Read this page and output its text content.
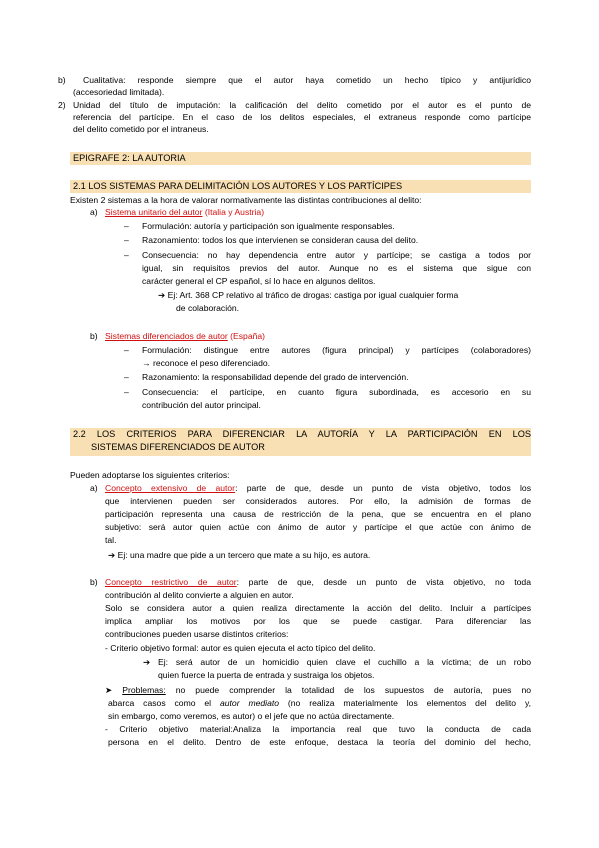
b) Cualitativa: responde siempre que el autor haya cometido un hecho típico y antijurídico
(accesoriedad limitada).
2) Unidad del título de imputación: la calificación del delito cometido por el autor es el punto de
referencia del partícipe. En el caso de los delitos especiales, el extraneus responde como partícipe
del delito cometido por el intraneus.
EPIGRAFE 2: LA AUTORIA
2.1 LOS SISTEMAS PARA DELIMITACIÓN LOS AUTORES Y LOS PARTÍCIPES
Existen 2 sistemas a la hora de valorar normativamente las distintas contribuciones al delito:
a) Sistema unitario del autor (Italia y Austria)
– Formulación: autoría y participación son igualmente responsables.
– Razonamiento: todos los que intervienen se consideran causa del delito.
– Consecuencia: no hay dependencia entre autor y partícipe; se castiga a todos por
igual, sin requisitos previos del autor. Aunque no es el sistema que sigue con
carácter general el CP español, sí lo hace en algunos delitos.
➔ Ej: Art. 368 CP relativo al tráfico de drogas: castiga por igual cualquier forma
de colaboración.
b) Sistemas diferenciados de autor (España)
– Formulación: distingue entre autores (figura principal) y partícipes (colaboradores)
→ reconoce el peso diferenciado.
– Razonamiento: la responsabilidad depende del grado de intervención.
– Consecuencia: el partícipe, en cuanto figura subordinada, es accesorio en su
contribución del autor principal.
2.2 LOS CRITERIOS PARA DIFERENCIAR LA AUTORÍA Y LA PARTICIPACIÓN EN LOS
SISTEMAS DIFERENCIADOS DE AUTOR
Pueden adoptarse los siguientes criterios:
a) Concepto extensivo de autor: parte de que, desde un punto de vista objetivo, todos los
que intervienen pueden ser considerados autores. Por ello, la admisión de formas de
participación representa una causa de restricción de la pena, que se encuentra en el plano
subjetivo: será autor quien actúe con ánimo de autor y partícipe el que actúe con ánimo de
tal.
➔ Ej: una madre que pide a un tercero que mate a su hijo, es autora.
b) Concepto restrictivo de autor: parte de que, desde un punto de vista objetivo, no toda
contribución al delito convierte a alguien en autor.
Solo se considera autor a quien realiza directamente la acción del delito. Incluir a partícipes
implica ampliar los motivos por los que se puede castigar. Para diferenciar las
contribuciones pueden usarse distintos criterios:
- Criterio objetivo formal: autor es quien ejecuta el acto típico del delito.
➔ Ej: será autor de un homicidio quien clave el cuchillo a la víctima; de un robo
quien fuerce la puerta de entrada y sustraiga los objetos.
➤ Problemas: no puede comprender la totalidad de los supuestos de autoría, pues no
abarca casos como el autor mediato (no realiza materialmente los elementos del delito y,
sin embargo, como veremos, es autor) o el jefe que no actúa directamente.
- Criterio objetivo material:Analiza la importancia real que tuvo la conducta de cada
persona en el delito. Dentro de este enfoque, destaca la teoría del dominio del hecho,
